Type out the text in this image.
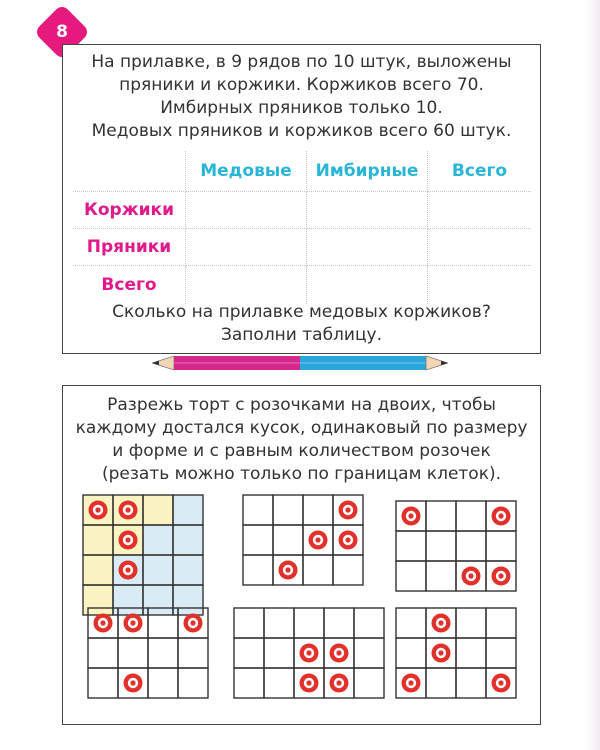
8
На прилавке, в 9 рядов по 10 штук, выложены
пряники и коржики. Коржиков всего 70.
Имбирных пряников только 10.
Медовых пряников и коржиков всего 60 штук.
	Медовые	Имбирные	Всего
Коржики			
Пряники			
Всего			
Сколько на прилавке медовых коржиков?
Заполни таблицу.
Разрежь торт с розочками на двоих, чтобы
каждому достался кусок, одинаковый по размеру
и форме и с равным количеством розочек
(резать можно только по границам клеток).
